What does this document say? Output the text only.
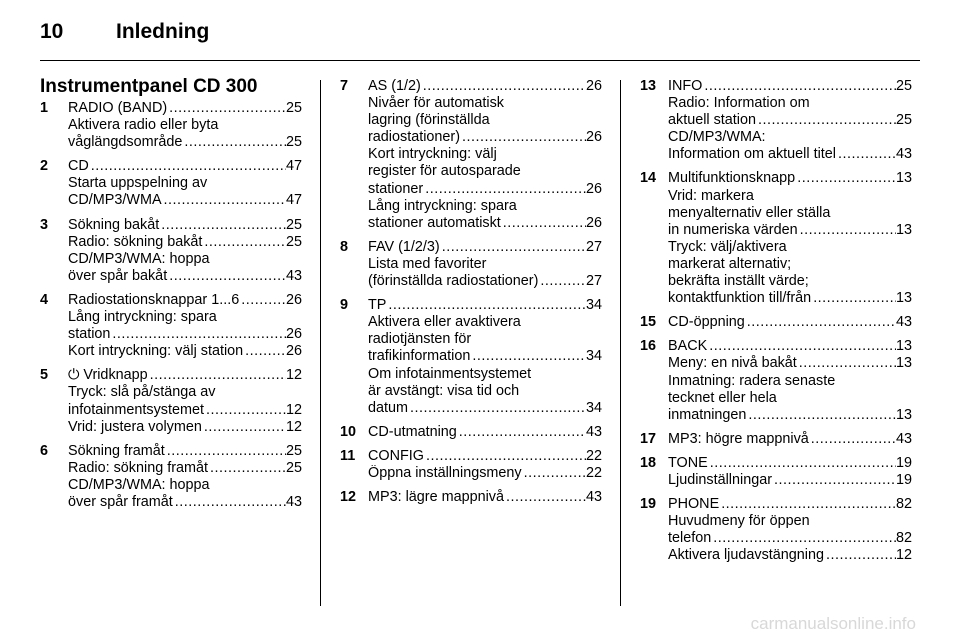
10	Inledning
Instrumentpanel CD 300
1	RADIO (BAND) .....	25
Aktivera radio eller byta
våglängdsområde .....	25
2	CD .....	47
Starta uppspelning av
CD/MP3/WMA .....	47
3	Sökning bakåt .....	25
Radio: sökning bakåt .....	25
CD/MP3/WMA: hoppa
över spår bakåt .....	43
4	Radiostationsknappar 1...6 .....	26
Lång intryckning: spara
station .....	26
Kort intryckning: välj station .....	26
5	⏻ Vridknapp .....	12
Tryck: slå på/stänga av
infotainmentsystemet .....	12
Vrid: justera volymen .....	12
6	Sökning framåt .....	25
Radio: sökning framåt .....	25
CD/MP3/WMA: hoppa
över spår framåt .....	43
7	AS (1/2) .....	26
Nivåer för automatisk
lagring (förinställda
radiostationer) .....	26
Kort intryckning: välj
register för autosparade
stationer .....	26
Lång intryckning: spara
stationer automatiskt .....	26
8	FAV (1/2/3) .....	27
Lista med favoriter
(förinställda radiostationer) .....	27
9	TP .....	34
Aktivera eller avaktivera
radiotjänsten för
trafikinformation .....	34
Om infotainmentsystemet
är avstängt: visa tid och
datum .....	34
10 CD-utmatning .....	43
11 CONFIG .....	22
Öppna inställningsmeny .....	22
12 MP3: lägre mappnivå .....	43
13 INFO .....	25
Radio: Information om
aktuell station .....	25
CD/MP3/WMA:
Information om aktuell titel .....	43
14 Multifunktionsknapp .....	13
Vrid: markera
menyalternativ eller ställa
in numeriska värden .....	13
Tryck: välj/aktivera
markerat alternativ;
bekräfta inställt värde;
kontaktfunktion till/från .....	13
15 CD-öppning .....	43
16 BACK .....	13
Meny: en nivå bakåt .....	13
Inmatning: radera senaste
tecknet eller hela
inmatningen .....	13
17 MP3: högre mappnivå .....	43
18 TONE .....	19
Ljudinställningar .....	19
19 PHONE .....	82
Huvudmeny för öppen
telefon .....	82
Aktivera ljudavstängning .....	12
carmanualsonline.info
